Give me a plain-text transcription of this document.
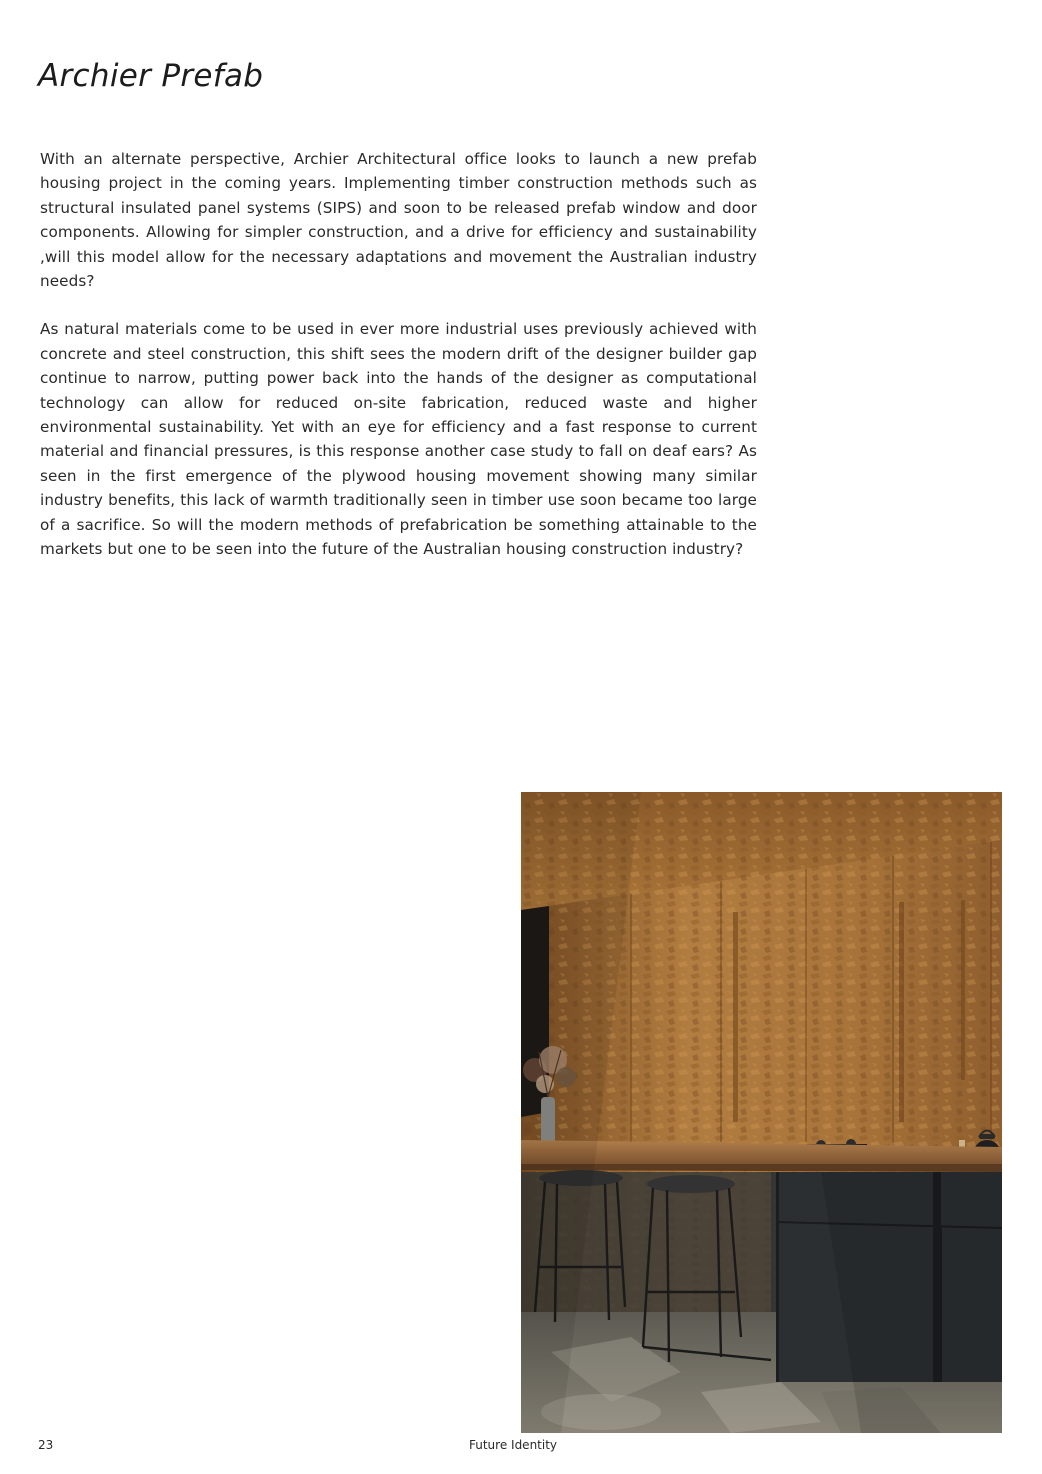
Archier Prefab

With an alternate perspective, Archier Architectural office looks to launch a new prefab housing project in the coming years. Implementing timber construction methods such as structural insulated panel systems (SIPS) and soon to be released prefab window and door components. Allowing for simpler construction, and a drive for efficiency and sustainability ,will this model allow for the necessary adaptations and movement the Australian industry needs?

As natural materials come to be used in ever more industrial uses previously achieved with concrete and steel construction, this shift sees the modern drift of the designer builder gap continue to narrow, putting power back into the hands of the designer as computational technology can allow for reduced on-site fabrication, reduced waste and higher environmental sustainability. Yet with an eye for efficiency and a fast response to current material and financial pressures, is this response another case study to fall on deaf ears? As seen in the first emergence of the plywood housing movement showing many similar industry benefits, this lack of warmth traditionally seen in timber use soon became too large of a sacrifice. So will the modern methods of prefabrication be something attainable to the markets but one to be seen into the future of the Australian housing construction industry?

23	Future Identity
